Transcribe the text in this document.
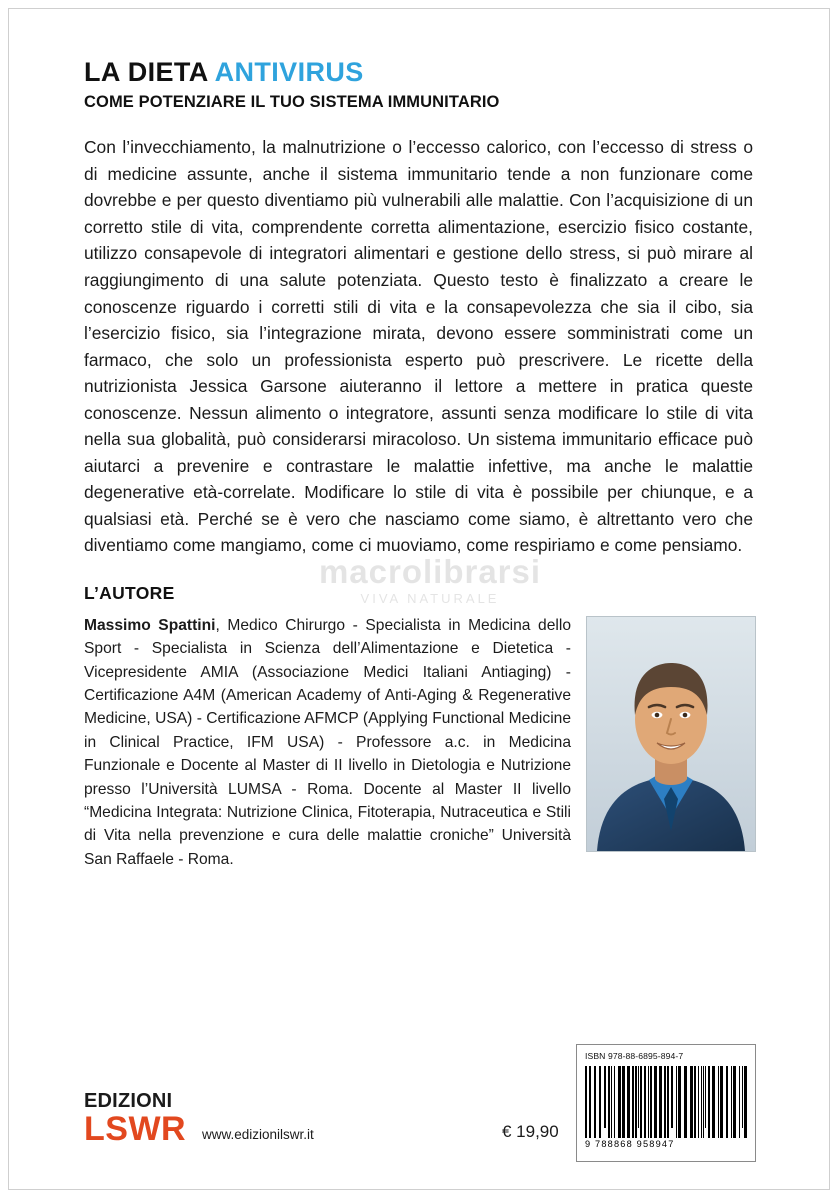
LA DIETA ANTIVIRUS
COME POTENZIARE IL TUO SISTEMA IMMUNITARIO
Con l’invecchiamento, la malnutrizione o l’eccesso calorico, con l’eccesso di stress o di medicine assunte, anche il sistema immunitario tende a non funzionare come dovrebbe e per questo diventiamo più vulnerabili alle malattie. Con l’acquisizione di un corretto stile di vita, comprendente corretta alimentazione, esercizio fisico costante, utilizzo consapevole di integratori alimentari e gestione dello stress, si può mirare al raggiungimento di una salute potenziata. Questo testo è finalizzato a creare le conoscenze riguardo i corretti stili di vita e la consapevolezza che sia il cibo, sia l’esercizio fisico, sia l’integrazione mirata, devono essere somministrati come un farmaco, che solo un professionista esperto può prescrivere. Le ricette della nutrizionista Jessica Garsone aiuteranno il lettore a mettere in pratica queste conoscenze. Nessun alimento o integratore, assunti senza modificare lo stile di vita nella sua globalità, può considerarsi miracoloso. Un sistema immunitario efficace può aiutarci a prevenire e contrastare le malattie infettive, ma anche le malattie degenerative età-correlate. Modificare lo stile di vita è possibile per chiunque, e a qualsiasi età. Perché se è vero che nasciamo come siamo, è altrettanto vero che diventiamo come mangiamo, come ci muoviamo, come respiriamo e come pensiamo.
L’AUTORE
Massimo Spattini, Medico Chirurgo - Specialista in Medicina dello Sport - Specialista in Scienza dell’Alimentazione e Dietetica - Vicepresidente AMIA (Associazione Medici Italiani Antiaging) - Certificazione A4M (American Academy of Anti-Aging & Regenerative Medicine, USA) - Certificazione AFMCP (Applying Functional Medicine in Clinical Practice, IFM USA) - Professore a.c. in Medicina Funzionale e Docente al Master di II livello in Dietologia e Nutrizione presso l’Università LUMSA - Roma. Docente al Master II livello “Medicina Integrata: Nutrizione Clinica, Fitoterapia, Nutraceutica e Stili di Vita nella prevenzione e cura delle malattie croniche” Università San Raffaele - Roma.
macrolibrarsi
VIVA NATURALE
EDIZIONI
LSWR www.edizionilswr.it	€ 19,90
ISBN 978-88-6895-894-7
9 788868 958947
